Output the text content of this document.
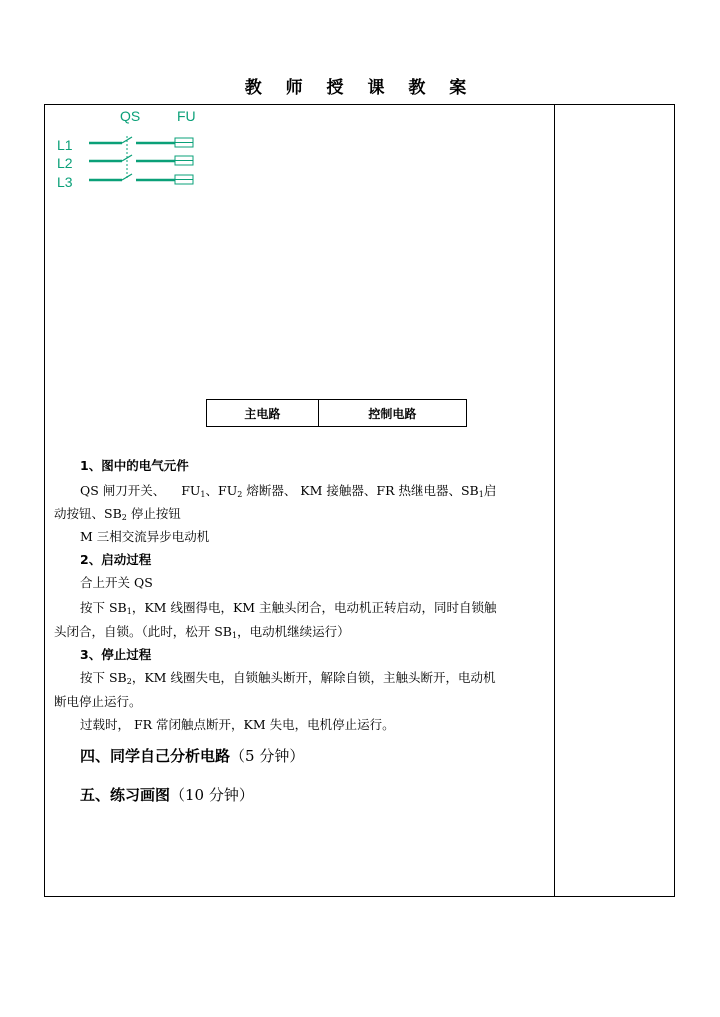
教 师 授 课 教 案
QS	FU
L1
L2
L3
主电路	控制电路
1、图中的电气元件
QS 闸刀开关、 $FU_1$、$FU_2$ 熔断器、 KM 接触器、FR 热继电器、$SB_1$启
动按钮、$SB_2$ 停止按钮
M 三相交流异步电动机
2、启动过程
合上开关 QS
按下 $SB_1$，KM 线圈得电，KM 主触头闭合，电动机正转启动，同时自锁触
头闭合，自锁。（此时，松开 $SB_1$，电动机继续运行）
3、停止过程
按下 $SB_2$，KM 线圈失电，自锁触头断开，解除自锁，主触头断开，电动机
断电停止运行。
过载时， FR 常闭触点断开，KM 失电，电机停止运行。
四、同学自己分析电路（5 分钟）
五、练习画图（10 分钟）
